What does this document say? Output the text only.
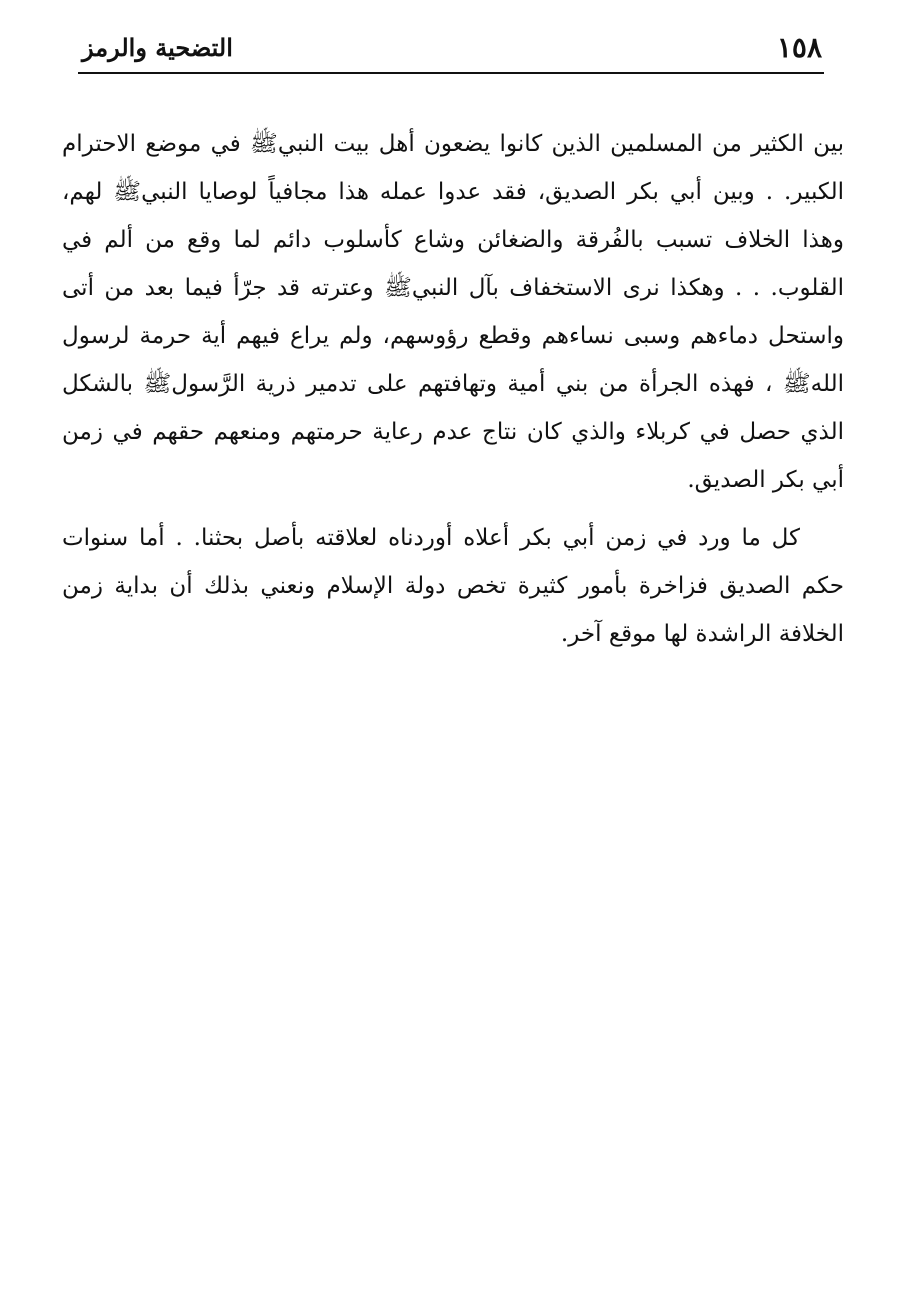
١٥٨
التضحية والرمز

بين الكثير من المسلمين الذين كانوا يضعون أهل بيت النبيﷺ في موضع الاحترام الكبير. . وبين أبي بكر الصديق، فقد عدوا عمله هذا مجافياً لوصايا النبيﷺ لهم، وهذا الخلاف تسبب بالفُرقة والضغائن وشاع كأسلوب دائم لما وقع من ألم في القلوب. . . وهكذا نرى الاستخفاف بآل النبيﷺ وعترته قد جرّأ فيما بعد من أتى واستحل دماءهم وسبى نساءهم وقطع رؤوسهم، ولم يراع فيهم أية حرمة لرسول اللهﷺ ، فهذه الجرأة من بني أمية وتهافتهم على تدمير ذرية الرَّسولﷺ بالشكل الذي حصل في كربلاء والذي كان نتاج عدم رعاية حرمتهم ومنعهم حقهم في زمن أبي بكر الصديق.

كل ما ورد في زمن أبي بكر أعلاه أوردناه لعلاقته بأصل بحثنا. . أما سنوات حكم الصديق فزاخرة بأمور كثيرة تخص دولة الإسلام ونعني بذلك أن بداية زمن الخلافة الراشدة لها موقع آخر.
